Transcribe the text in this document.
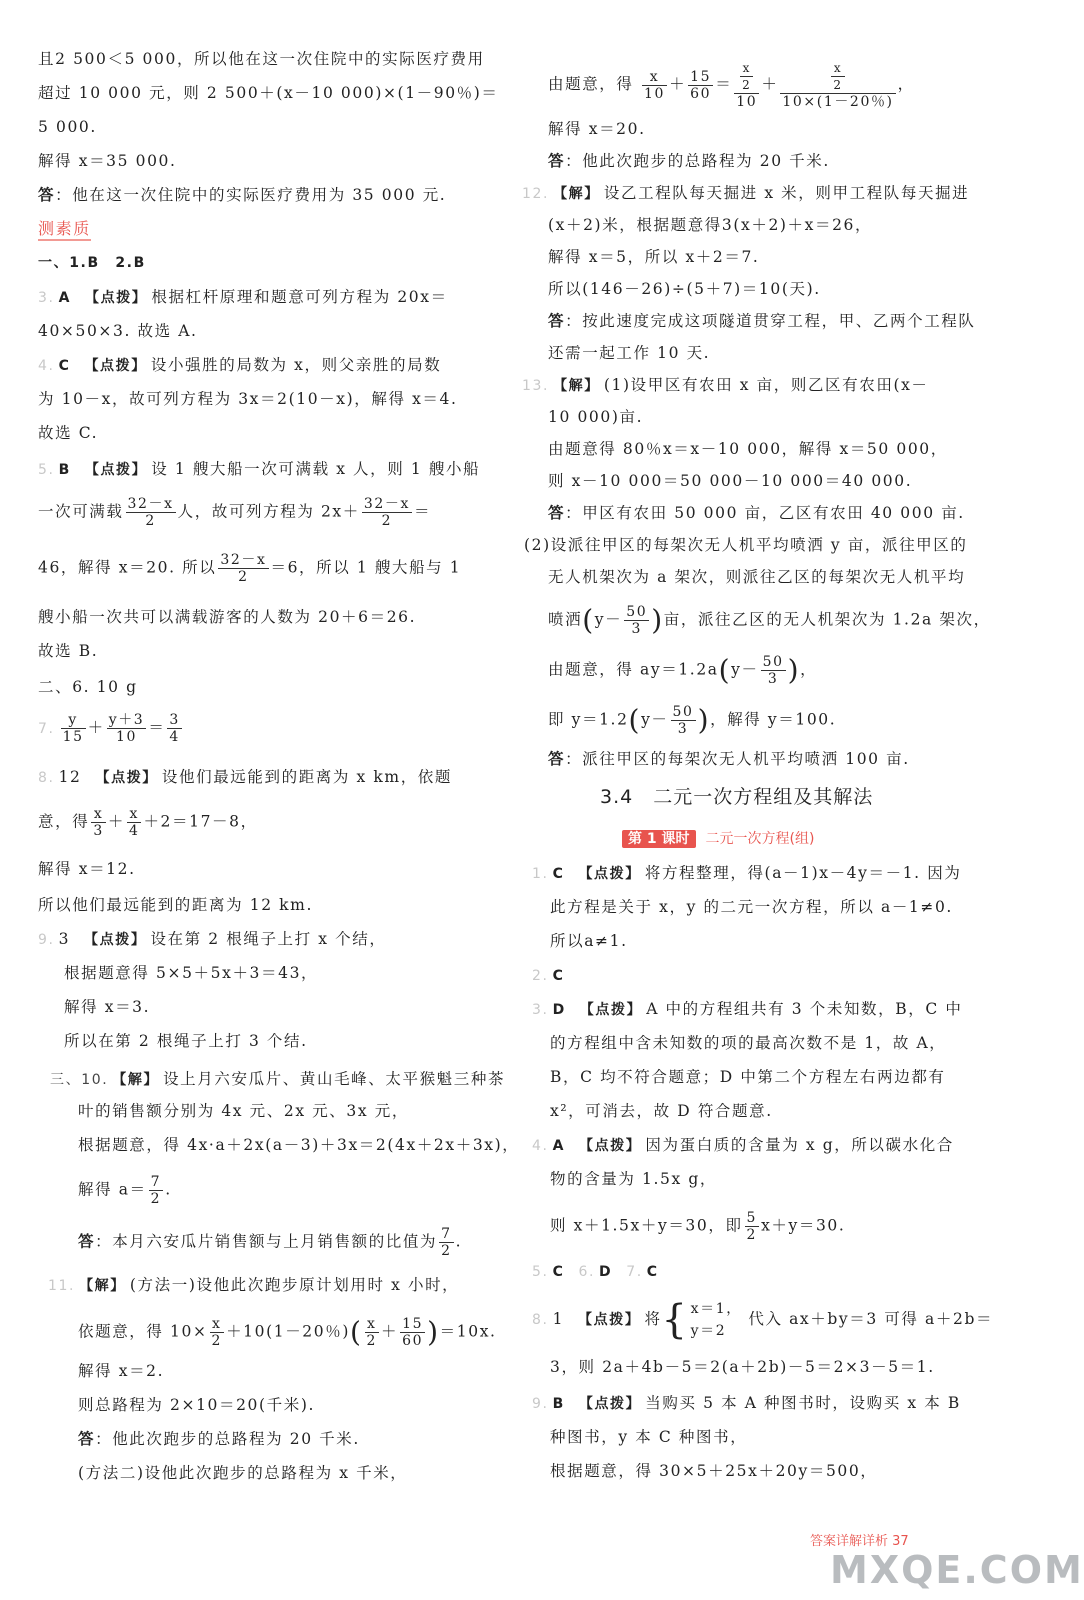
且2 500＜5 000，所以他在这一次住院中的实际医疗费用
超过 10 000 元，则 2 500＋(x－10 000)×(1－90％)＝
5 000.
解得 x＝35 000.
答：他在这一次住院中的实际医疗费用为 35 000 元.
测素质
一、1.B　2.B
3. A 【点拨】 根据杠杆原理和题意可列方程为 20x＝
40×50×3. 故选 A.
4. C 【点拨】 设小强胜的局数为 x，则父亲胜的局数
为 10－x，故可列方程为 3x＝2(10－x)，解得 x＝4.
故选 C.
5. B 【点拨】 设 1 艘大船一次可满载 x 人，则 1 艘小船
一次可满载 $\frac{32-x}{2}$ 人，故可列方程为 $2x+ \frac{32-x}{2}$ ＝
46，解得 x＝20. 所以 $\frac{32-x}{2} =6$，所以 1 艘大船与 1
艘小船一次共可以满载游客的人数为 20＋6＝26.
故选 B.
二、6. 10 g
7. $\frac{y}{15} + \frac{y+3}{10} = \frac{3}{4}$
8. 12 【点拨】 设他们最远能到的距离为 x km，依题
意，得 $\frac{x}{3} + \frac{x}{4} +2=17-8$，
解得 x＝12.
所以他们最远能到的距离为 12 km.
9. 3 【点拨】 设在第 2 根绳子上打 x 个结，
根据题意得 5×5＋5x＋3＝43，
解得 x＝3.
所以在第 2 根绳子上打 3 个结.
三、10. 【解】 设上月六安瓜片、黄山毛峰、太平猴魁三种茶
叶的销售额分别为 4x 元、2x 元、3x 元，
根据题意，得 4x·a＋2x(a－3)＋3x＝2(4x＋2x＋3x)，
解得 $a= \frac{7}{2}$ .
答：本月六安瓜片销售额与上月销售额的比值为 $\frac{7}{2}$ .
11. 【解】 (方法一)设他此次跑步原计划用时 x 小时，
依题意，得 $10\times \frac{x}{2} +10(1-20$％)( $\frac{x}{2} + \frac{15}{60} )=10x$.
解得 x＝2.
则总路程为 2×10＝20(千米).
答：他此次跑步的总路程为 20 千米.
(方法二)设他此次跑步的总路程为 x 千米，
由题意，得 $\frac{x}{10} + \frac{15}{60} = \frac{\frac{x}{2}}{10} + \frac{\frac{x}{2}}{10\times(1-20\%)}$ ，
解得 x＝20.
答：他此次跑步的总路程为 20 千米.
12. 【解】 设乙工程队每天掘进 x 米，则甲工程队每天掘进
(x＋2)米，根据题意得3(x＋2)＋x＝26，
解得 x＝5，所以 x＋2＝7.
所以(146－26)÷(5＋7)＝10(天).
答：按此速度完成这项隧道贯穿工程，甲、乙两个工程队
还需一起工作 10 天.
13. 【解】 (1)设甲区有农田 x 亩，则乙区有农田(x－
10 000)亩.
由题意得 80％x＝x－10 000，解得 x＝50 000，
则 x－10 000＝50 000－10 000＝40 000.
答：甲区有农田 50 000 亩，乙区有农田 40 000 亩.
(2)设派往甲区的每架次无人机平均喷洒 y 亩，派往甲区的
无人机架次为 a 架次，则派往乙区的每架次无人机平均
喷洒($y- \frac{50}{3}$ )亩，派往乙区的无人机架次为 1.2a 架次，
由题意，得 $ay=1.2a(y- \frac{50}{3}$ )，
即 $y=1.2(y- \frac{50}{3}$ )，解得 y＝100.
答：派往甲区的每架次无人机平均喷洒 100 亩.
3.4　二元一次方程组及其解法
第 1 课时 二元一次方程(组)
1. C 【点拨】 将方程整理，得(a－1)x－4y＝－1. 因为
此方程是关于 x，y 的二元一次方程，所以 a－1≠0.
所以a≠1.
2. C
3. D 【点拨】 A 中的方程组共有 3 个未知数，B，C 中
的方程组中含未知数的项的最高次数不是 1，故 A，
B，C 均不符合题意；D 中第二个方程左右两边都有
x²，可消去，故 D 符合题意.
4. A 【点拨】 因为蛋白质的含量为 x g，所以碳水化合
物的含量为 1.5x g，
则 x＋1.5x＋y＝30，即 $\frac{5}{2} x+y=30$.
5. C 6. D 7. C
8. 1 【点拨】 将{ x＝1，
y＝2
代入 ax＋by＝3 可得 a＋2b＝
3，则 2a＋4b－5＝2(a＋2b)－5＝2×3－5＝1.
9. B 【点拨】 当购买 5 本 A 种图书时，设购买 x 本 B
种图书，y 本 C 种图书，
根据题意，得 30×5＋25x＋20y＝500，
答案详解详析 37
MXQE.COM
